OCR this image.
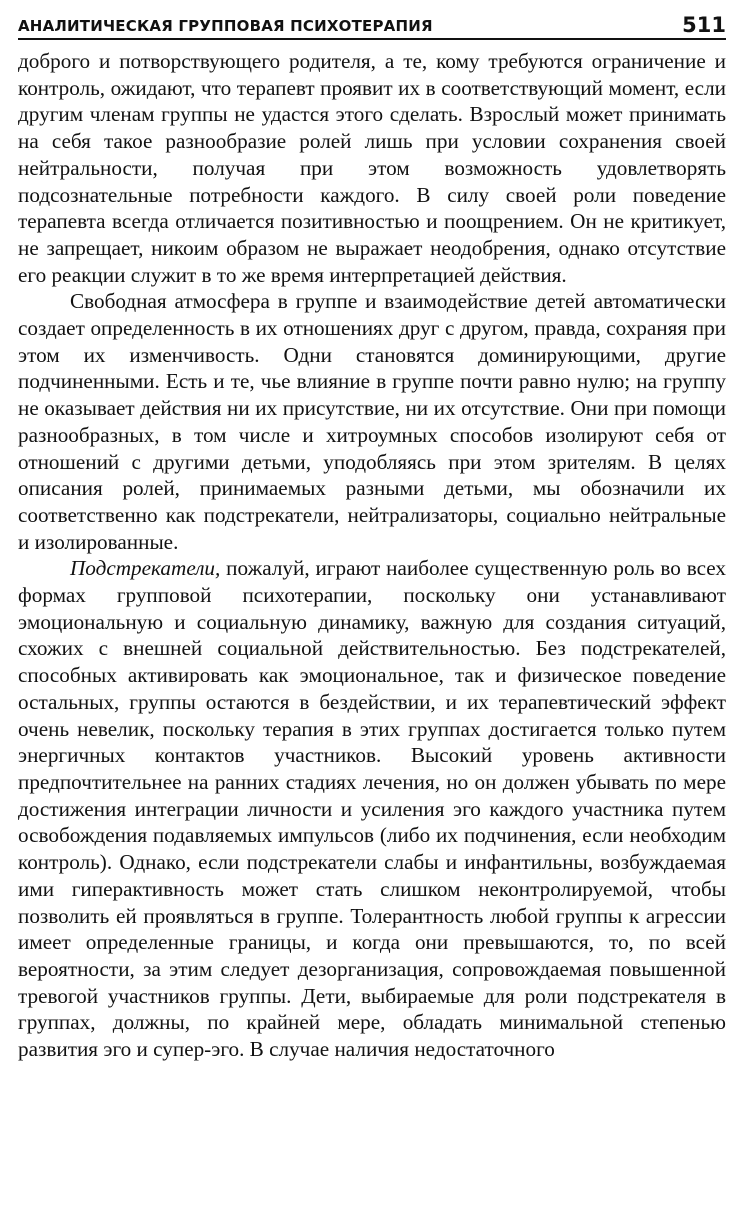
АНАЛИТИЧЕСКАЯ ГРУППОВАЯ ПСИХОТЕРАПИЯ	511

доброго и потворствующего родителя, а те, кому требуются ограничение и контроль, ожидают, что терапевт проявит их в соответствующий момент, если другим членам группы не удастся этого сделать. Взрослый может принимать на себя такое разнообразие ролей лишь при условии сохранения своей нейтральности, получая при этом возможность удовлетворять подсознательные потребности каждого. В силу своей роли поведение терапевта всегда отличается позитивностью и поощрением. Он не критикует, не запрещает, никоим образом не выражает неодобрения, однако отсутствие его реакции служит в то же время интерпретацией действия.

Свободная атмосфера в группе и взаимодействие детей автоматически создает определенность в их отношениях друг с другом, правда, сохраняя при этом их изменчивость. Одни становятся доминирующими, другие подчиненными. Есть и те, чье влияние в группе почти равно нулю; на группу не оказывает действия ни их присутствие, ни их отсутствие. Они при помощи разнообразных, в том числе и хитроумных способов изолируют себя от отношений с другими детьми, уподобляясь при этом зрителям. В целях описания ролей, принимаемых разными детьми, мы обозначили их соответственно как подстрекатели, нейтрализаторы, социально нейтральные и изолированные.

Подстрекатели, пожалуй, играют наиболее существенную роль во всех формах групповой психотерапии, поскольку они устанавливают эмоциональную и социальную динамику, важную для создания ситуаций, схожих с внешней социальной действительностью. Без подстрекателей, способных активировать как эмоциональное, так и физическое поведение остальных, группы остаются в бездействии, и их терапевтический эффект очень невелик, поскольку терапия в этих группах достигается только путем энергичных контактов участников. Высокий уровень активности предпочтительнее на ранних стадиях лечения, но он должен убывать по мере достижения интеграции личности и усиления эго каждого участника путем освобождения подавляемых импульсов (либо их подчинения, если необходим контроль). Однако, если подстрекатели слабы и инфантильны, возбуждаемая ими гиперактивность может стать слишком неконтролируемой, чтобы позволить ей проявляться в группе. Толерантность любой группы к агрессии имеет определенные границы, и когда они превышаются, то, по всей вероятности, за этим следует дезорганизация, сопровождаемая повышенной тревогой участников группы. Дети, выбираемые для роли подстрекателя в группах, должны, по крайней мере, обладать минимальной степенью развития эго и супер-эго. В случае наличия недостаточного
